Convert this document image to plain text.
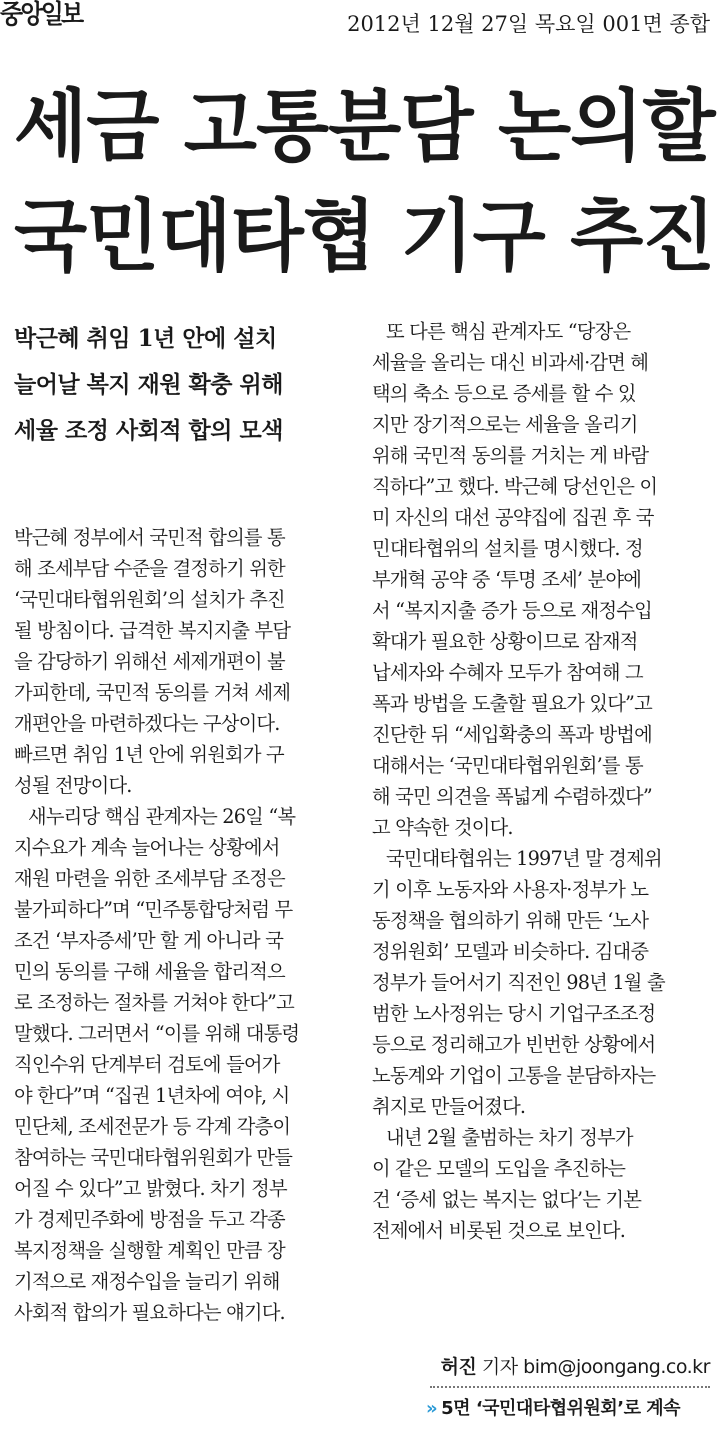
중앙일보	2012년 12월 27일 목요일 001면 종합
세금 고통분담 논의할
국민대타협 기구 추진
박근혜 취임 1년 안에 설치
늘어날 복지 재원 확충 위해
세율 조정 사회적 합의 모색
박근혜 정부에서 국민적 합의를 통
해 조세부담 수준을 결정하기 위한
‘국민대타협위원회’의 설치가 추진
될 방침이다. 급격한 복지지출 부담
을 감당하기 위해선 세제개편이 불
가피한데, 국민적 동의를 거쳐 세제
개편안을 마련하겠다는 구상이다.
빠르면 취임 1년 안에 위원회가 구
성될 전망이다.
새누리당 핵심 관계자는 26일 “복
지수요가 계속 늘어나는 상황에서
재원 마련을 위한 조세부담 조정은
불가피하다”며 “민주통합당처럼 무
조건 ‘부자증세’만 할 게 아니라 국
민의 동의를 구해 세율을 합리적으
로 조정하는 절차를 거쳐야 한다”고
말했다. 그러면서 “이를 위해 대통령
직인수위 단계부터 검토에 들어가
야 한다”며 “집권 1년차에 여야, 시
민단체, 조세전문가 등 각계 각층이
참여하는 국민대타협위원회가 만들
어질 수 있다”고 밝혔다. 차기 정부
가 경제민주화에 방점을 두고 각종
복지정책을 실행할 계획인 만큼 장
기적으로 재정수입을 늘리기 위해
사회적 합의가 필요하다는 얘기다.
또 다른 핵심 관계자도 “당장은
세율을 올리는 대신 비과세·감면 혜
택의 축소 등으로 증세를 할 수 있
지만 장기적으로는 세율을 올리기
위해 국민적 동의를 거치는 게 바람
직하다”고 했다. 박근혜 당선인은 이
미 자신의 대선 공약집에 집권 후 국
민대타협위의 설치를 명시했다. 정
부개혁 공약 중 ‘투명 조세’ 분야에
서 “복지지출 증가 등으로 재정수입
확대가 필요한 상황이므로 잠재적
납세자와 수혜자 모두가 참여해 그
폭과 방법을 도출할 필요가 있다”고
진단한 뒤 “세입확충의 폭과 방법에
대해서는 ‘국민대타협위원회’를 통
해 국민 의견을 폭넓게 수렴하겠다”
고 약속한 것이다.
국민대타협위는 1997년 말 경제위
기 이후 노동자와 사용자·정부가 노
동정책을 협의하기 위해 만든 ‘노사
정위원회’ 모델과 비슷하다. 김대중
정부가 들어서기 직전인 98년 1월 출
범한 노사정위는 당시 기업구조조정
등으로 정리해고가 빈번한 상황에서
노동계와 기업이 고통을 분담하자는
취지로 만들어졌다.
내년 2월 출범하는 차기 정부가
이 같은 모델의 도입을 추진하는
건 ‘증세 없는 복지는 없다’는 기본
전제에서 비롯된 것으로 보인다.
허진 기자 bim@joongang.co.kr
» 5면 ‘국민대타협위원회’로 계속
